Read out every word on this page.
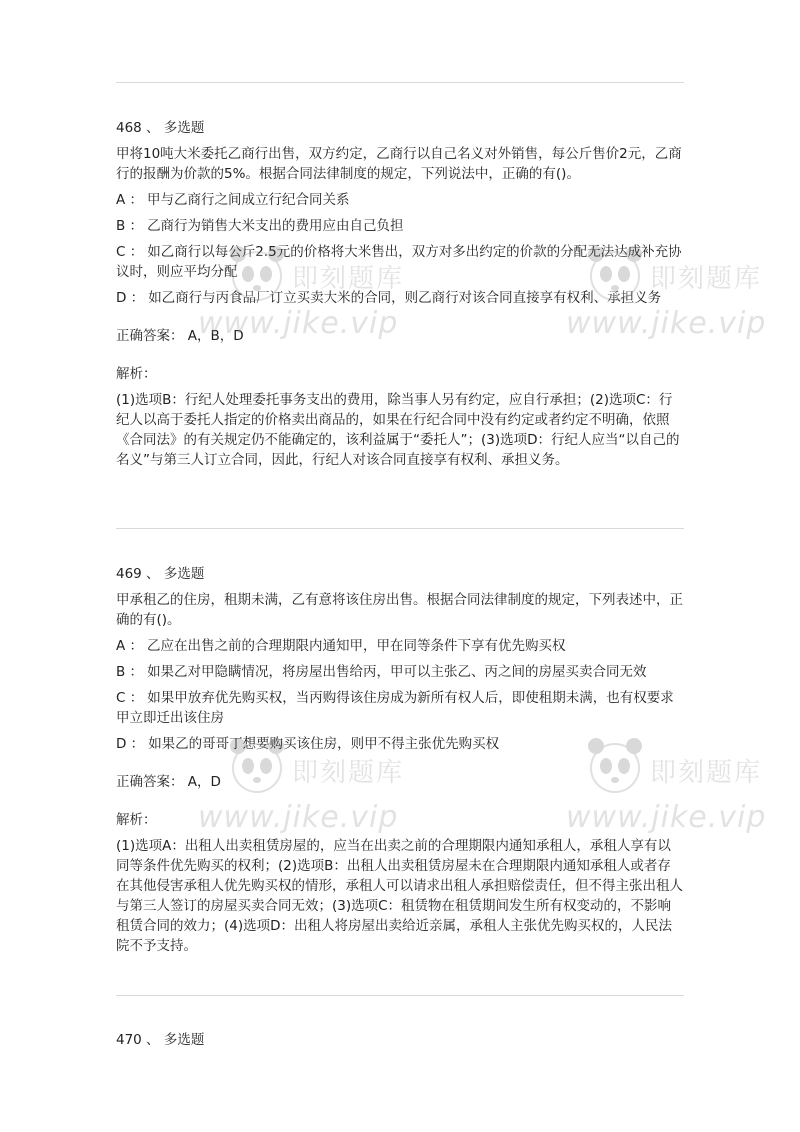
468 、 多选题
甲将10吨大米委托乙商行出售，双方约定，乙商行以自己名义对外销售，每公斤售价2元，乙商行的报酬为价款的5%。根据合同法律制度的规定，下列说法中，正确的有()。
A ： 甲与乙商行之间成立行纪合同关系
B ： 乙商行为销售大米支出的费用应由自己负担
C ： 如乙商行以每公斤2.5元的价格将大米售出，双方对多出约定的价款的分配无法达成补充协议时，则应平均分配
D ： 如乙商行与丙食品厂订立买卖大米的合同，则乙商行对该合同直接享有权利、承担义务
正确答案： A，B，D
解析：
(1)选项B：行纪人处理委托事务支出的费用，除当事人另有约定，应自行承担；(2)选项C：行纪人以高于委托人指定的价格卖出商品的，如果在行纪合同中没有约定或者约定不明确，依照《合同法》的有关规定仍不能确定的，该利益属于“委托人”；(3)选项D：行纪人应当“以自己的名义”与第三人订立合同，因此，行纪人对该合同直接享有权利、承担义务。
469 、 多选题
甲承租乙的住房，租期未满，乙有意将该住房出售。根据合同法律制度的规定，下列表述中，正确的有()。
A ： 乙应在出售之前的合理期限内通知甲，甲在同等条件下享有优先购买权
B ： 如果乙对甲隐瞒情况，将房屋出售给丙，甲可以主张乙、丙之间的房屋买卖合同无效
C ： 如果甲放弃优先购买权，当丙购得该住房成为新所有权人后，即使租期未满，也有权要求甲立即迁出该住房
D ： 如果乙的哥哥丁想要购买该住房，则甲不得主张优先购买权
正确答案： A，D
解析：
(1)选项A：出租人出卖租赁房屋的，应当在出卖之前的合理期限内通知承租人，承租人享有以同等条件优先购买的权利；(2)选项B：出租人出卖租赁房屋未在合理期限内通知承租人或者存在其他侵害承租人优先购买权的情形，承租人可以请求出租人承担赔偿责任，但不得主张出租人与第三人签订的房屋买卖合同无效；(3)选项C：租赁物在租赁期间发生所有权变动的，不影响租赁合同的效力；(4)选项D：出租人将房屋出卖给近亲属，承租人主张优先购买权的，人民法院不予支持。
470 、 多选题
即刻题库
www.jike.vip
即刻题库
www.jike.vip
即刻题库
www.jike.vip
即刻题库
www.jike.vip
